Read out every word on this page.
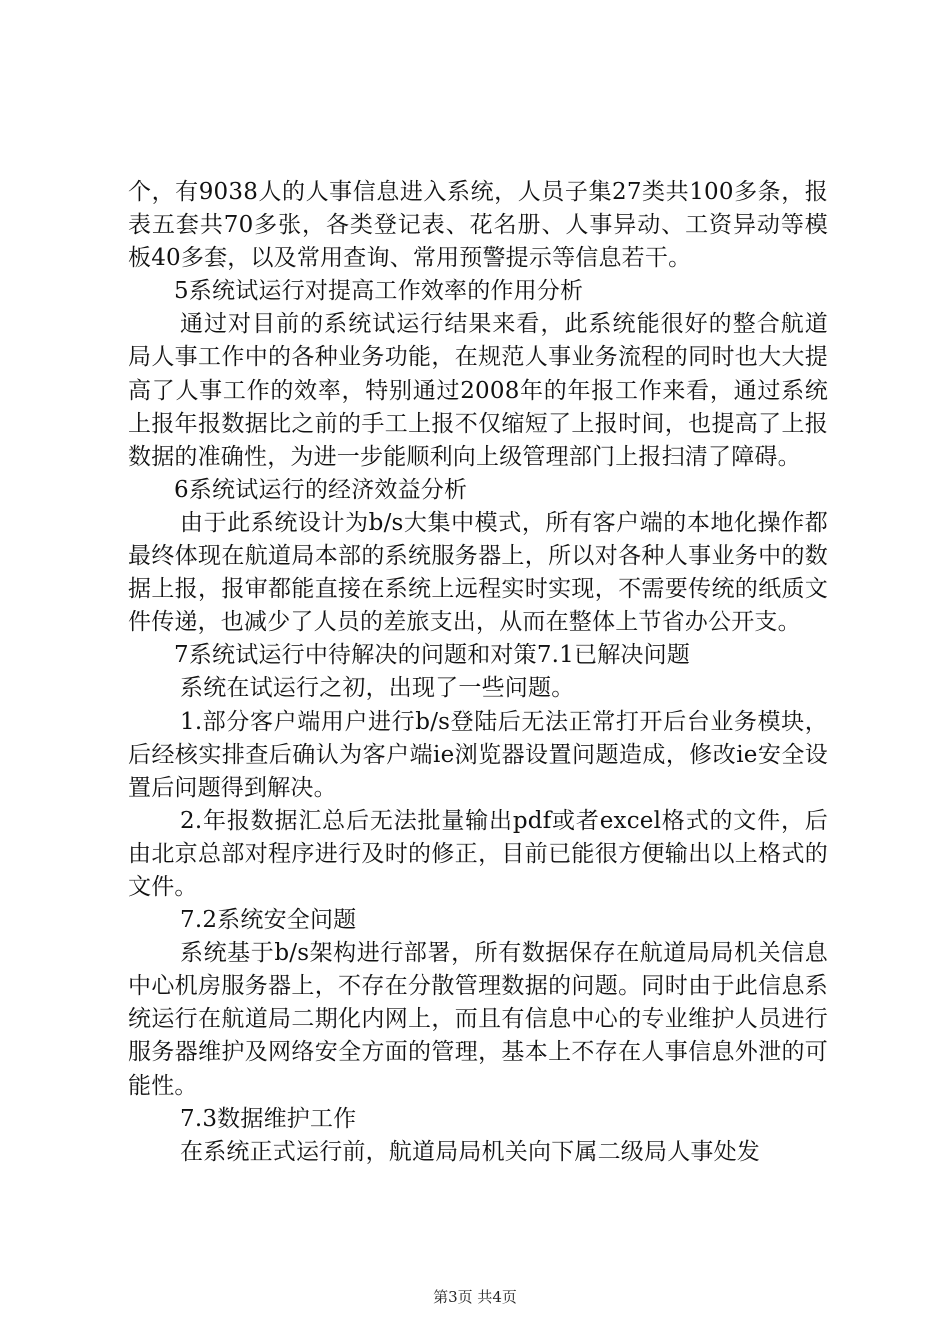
个，有9038人的人事信息进入系统，人员子集27类共100多条，报表五套共70多张，各类登记表、花名册、人事异动、工资异动等模板40多套，以及常用查询、常用预警提示等信息若干。

5系统试运行对提高工作效率的作用分析

通过对目前的系统试运行结果来看，此系统能很好的整合航道局人事工作中的各种业务功能，在规范人事业务流程的同时也大大提高了人事工作的效率，特别通过2008年的年报工作来看，通过系统上报年报数据比之前的手工上报不仅缩短了上报时间，也提高了上报数据的准确性，为进一步能顺利向上级管理部门上报扫清了障碍。

6系统试运行的经济效益分析

由于此系统设计为b/s大集中模式，所有客户端的本地化操作都最终体现在航道局本部的系统服务器上，所以对各种人事业务中的数据上报，报审都能直接在系统上远程实时实现，不需要传统的纸质文件传递，也减少了人员的差旅支出，从而在整体上节省办公开支。

7系统试运行中待解决的问题和对策7.1已解决问题

系统在试运行之初，出现了一些问题。

1.部分客户端用户进行b/s登陆后无法正常打开后台业务模块，后经核实排查后确认为客户端ie浏览器设置问题造成，修改ie安全设置后问题得到解决。

2.年报数据汇总后无法批量输出pdf或者excel格式的文件，后由北京总部对程序进行及时的修正，目前已能很方便输出以上格式的文件。

7.2系统安全问题

系统基于b/s架构进行部署，所有数据保存在航道局局机关信息中心机房服务器上，不存在分散管理数据的问题。同时由于此信息系统运行在航道局二期化内网上，而且有信息中心的专业维护人员进行服务器维护及网络安全方面的管理，基本上不存在人事信息外泄的可能性。

7.3数据维护工作

在系统正式运行前，航道局局机关向下属二级局人事处发

第3页 共4页
